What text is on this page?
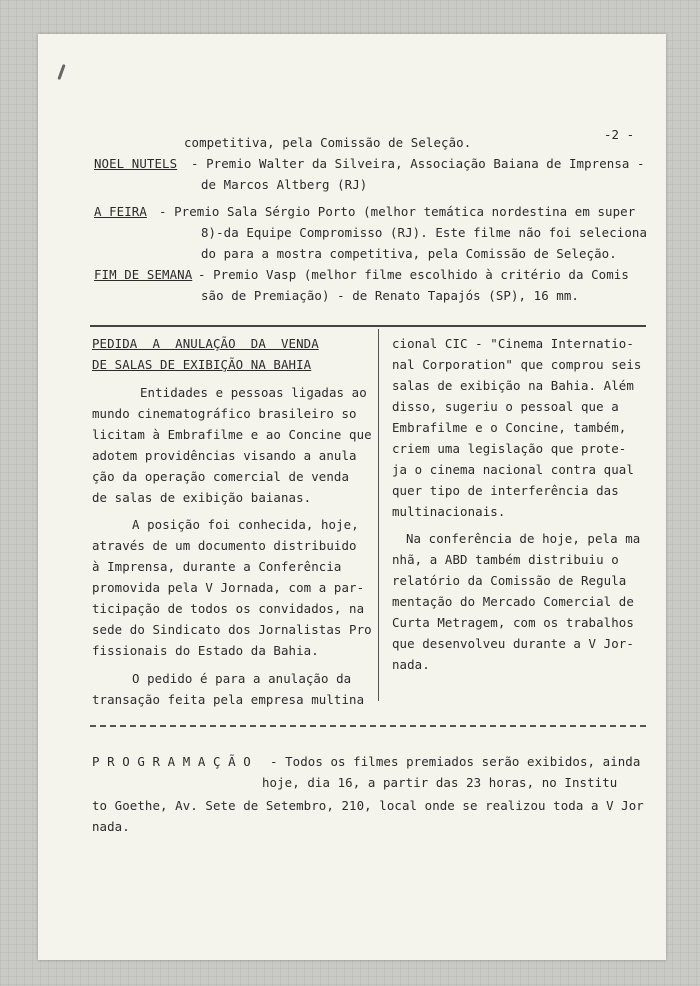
-2 -
competitiva, pela Comissão de Seleção.
NOEL NUTELS - Premio Walter da Silveira, Associação Baiana de Imprensa -
de Marcos Altberg (RJ)
A FEIRA - Premio Sala Sérgio Porto (melhor temática nordestina em super
8)-da Equipe Compromisso (RJ). Este filme não foi seleciona
do para a mostra competitiva, pela Comissão de Seleção.
FIM DE SEMANA - Premio Vasp (melhor filme escolhido à critério da Comis
são de Premiação) - de Renato Tapajós (SP), 16 mm.
PEDIDA  A  ANULAÇÃO  DA  VENDA
DE SALAS DE EXIBIÇÃO NA BAHIA
Entidades e pessoas ligadas ao
mundo cinematográfico brasileiro so
licitam à Embrafilme e ao Concine que
adotem providências visando a anula
ção da operação comercial de venda
de salas de exibição baianas.
A posição foi conhecida, hoje,
através de um documento distribuido
à Imprensa, durante a Conferência
promovida pela V Jornada, com a par-
ticipação de todos os convidados, na
sede do Sindicato dos Jornalistas Pro
fissionais do Estado da Bahia.
O pedido é para a anulação da
transação feita pela empresa multina
cional CIC - "Cinema Internatio-
nal Corporation" que comprou seis
salas de exibição na Bahia. Além
disso, sugeriu o pessoal que a
Embrafilme e o Concine, também,
criem uma legislação que prote-
ja o cinema nacional contra qual
quer tipo de interferência das
multinacionais.
Na conferência de hoje, pela ma
nhã, a ABD também distribuiu o
relatório da Comissão de Regula
mentação do Mercado Comercial de
Curta Metragem, com os trabalhos
que desenvolveu durante a V Jor-
nada.
P R O G R A M A Ç Ã O - Todos os filmes premiados serão exibidos, ainda
hoje, dia 16, a partir das 23 horas, no Institu
to Goethe, Av. Sete de Setembro, 210, local onde se realizou toda a V Jor
nada.
